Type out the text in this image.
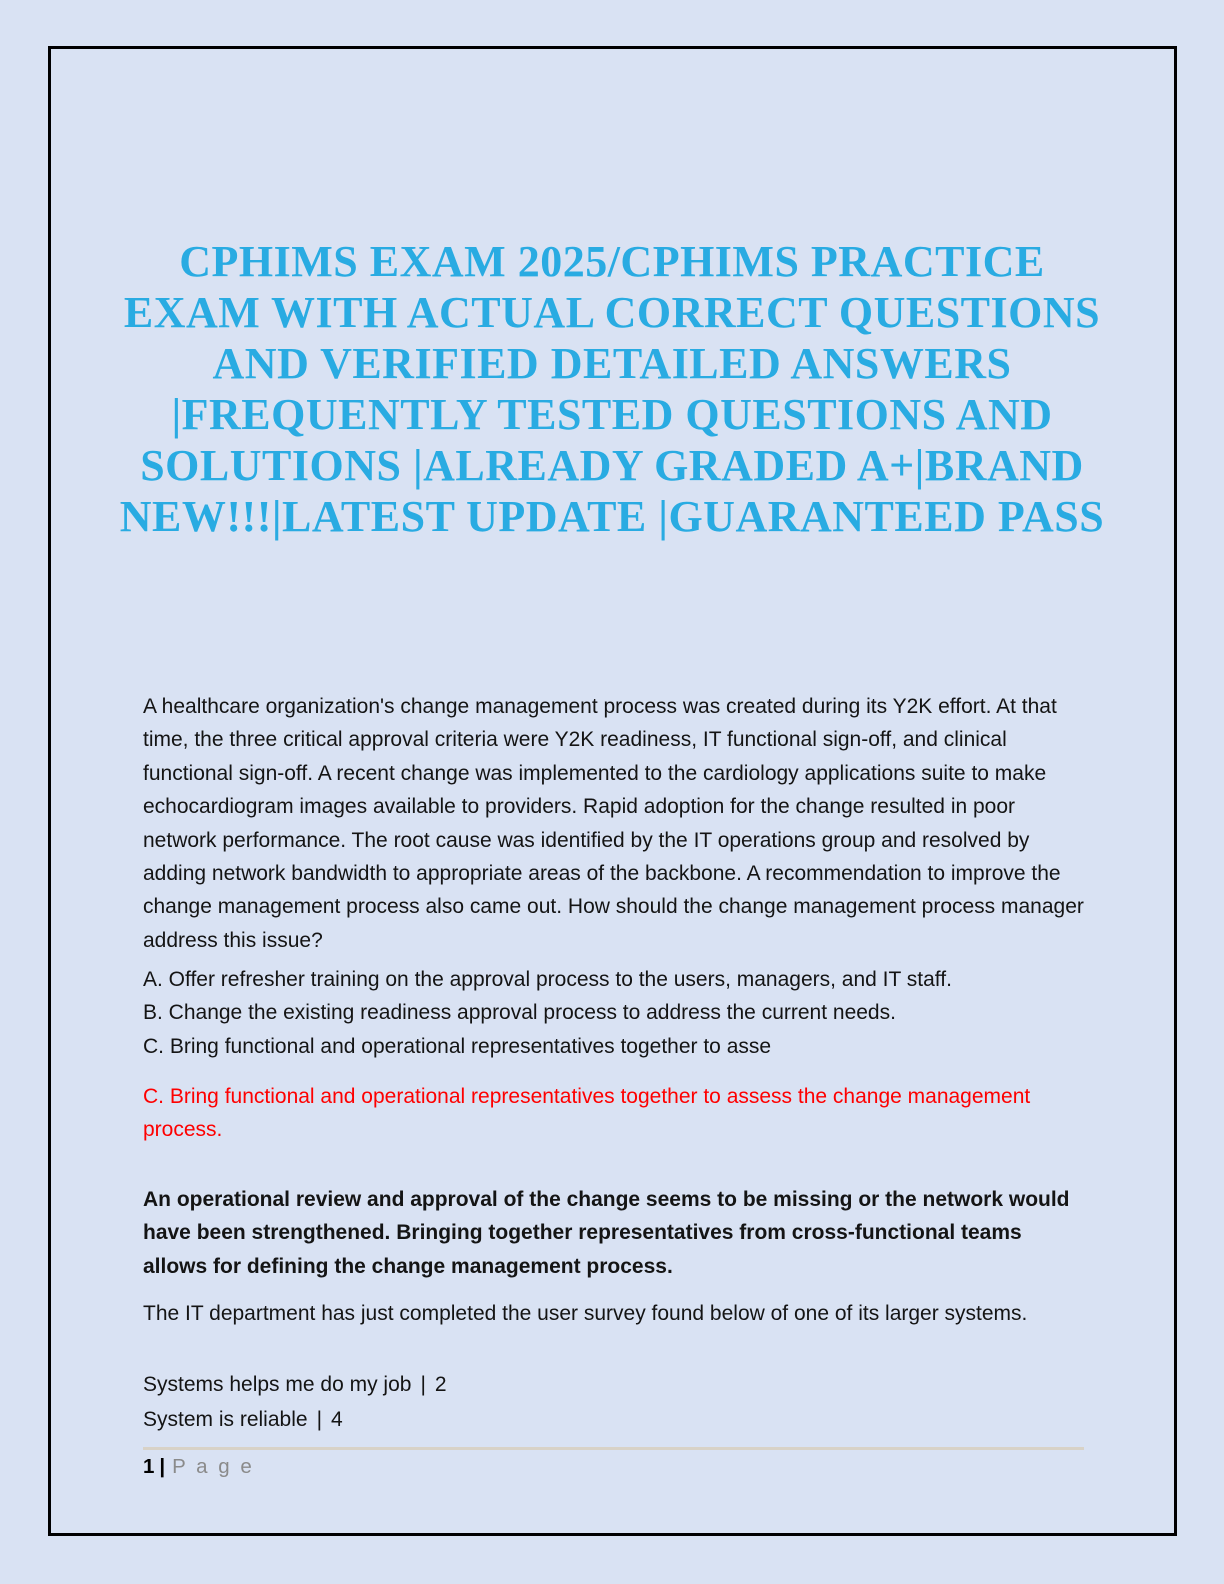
CPHIMS EXAM 2025/CPHIMS PRACTICE
EXAM WITH ACTUAL CORRECT QUESTIONS
AND VERIFIED DETAILED ANSWERS
|FREQUENTLY TESTED QUESTIONS AND
SOLUTIONS |ALREADY GRADED A+|BRAND
NEW!!!|LATEST UPDATE |GUARANTEED PASS
A healthcare organization's change management process was created during its Y2K effort. At that time, the three critical approval criteria were Y2K readiness, IT functional sign-off, and clinical functional sign-off. A recent change was implemented to the cardiology applications suite to make echocardiogram images available to providers. Rapid adoption for the change resulted in poor network performance. The root cause was identified by the IT operations group and resolved by adding network bandwidth to appropriate areas of the backbone. A recommendation to improve the change management process also came out. How should the change management process manager address this issue?
A. Offer refresher training on the approval process to the users, managers, and IT staff.
B. Change the existing readiness approval process to address the current needs.
C. Bring functional and operational representatives together to asse
C. Bring functional and operational representatives together to assess the change management process.
An operational review and approval of the change seems to be missing or the network would have been strengthened. Bringing together representatives from cross-functional teams allows for defining the change management process.
The IT department has just completed the user survey found below of one of its larger systems.
Systems helps me do my job | 2
System is reliable | 4
1 | P a g e
